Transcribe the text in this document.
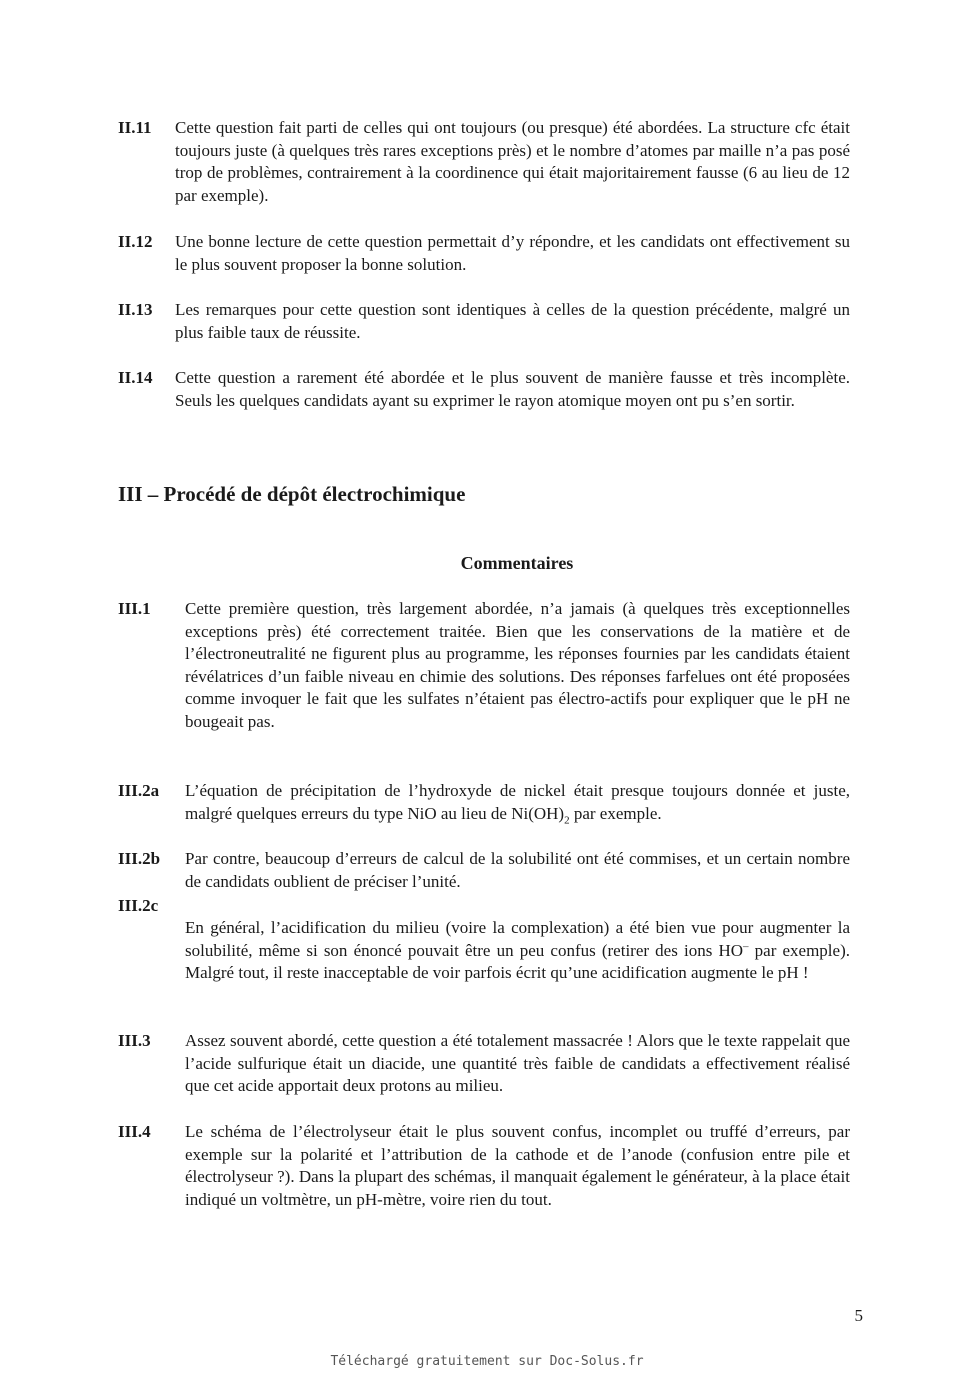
II.11 Cette question fait parti de celles qui ont toujours (ou presque) été abordées. La structure cfc était toujours juste (à quelques très rares exceptions près) et le nombre d’atomes par maille n’a pas posé trop de problèmes, contrairement à la coordinence qui était majoritairement fausse (6 au lieu de 12 par exemple).
II.12 Une bonne lecture de cette question permettait d’y répondre, et les candidats ont effectivement su le plus souvent proposer la bonne solution.
II.13 Les remarques pour cette question sont identiques à celles de la question précédente, malgré un plus faible taux de réussite.
II.14 Cette question a rarement été abordée et le plus souvent de manière fausse et très incomplète. Seuls les quelques candidats ayant su exprimer le rayon atomique moyen ont pu s’en sortir.
III – Procédé de dépôt électrochimique
Commentaires
III.1 Cette première question, très largement abordée, n’a jamais (à quelques très exceptionnelles exceptions près) été correctement traitée. Bien que les conservations de la matière et de l’électroneutralité ne figurent plus au programme, les réponses fournies par les candidats étaient révélatrices d’un faible niveau en chimie des solutions. Des réponses farfelues ont été proposées comme invoquer le fait que les sulfates n’étaient pas électro-actifs pour expliquer que le pH ne bougeait pas.
III.2a L’équation de précipitation de l’hydroxyde de nickel était presque toujours donnée et juste, malgré quelques erreurs du type NiO au lieu de $Ni(OH)_2$ par exemple.
III.2b Par contre, beaucoup d’erreurs de calcul de la solubilité ont été commises, et un certain nombre de candidats oublient de préciser l’unité.
III.2c
En général, l’acidification du milieu (voire la complexation) a été bien vue pour augmenter la solubilité, même si son énoncé pouvait être un peu confus (retirer des ions HO– par exemple). Malgré tout, il reste inacceptable de voir parfois écrit qu’une acidification augmente le pH !
III.3 Assez souvent abordé, cette question a été totalement massacrée ! Alors que le texte rappelait que l’acide sulfurique était un diacide, une quantité très faible de candidats a effectivement réalisé que cet acide apportait deux protons au milieu.
III.4 Le schéma de l’électrolyseur était le plus souvent confus, incomplet ou truffé d’erreurs, par exemple sur la polarité et l’attribution de la cathode et de l’anode (confusion entre pile et électrolyseur ?). Dans la plupart des schémas, il manquait également le générateur, à la place était indiqué un voltmètre, un pH-mètre, voire rien du tout.
5
Téléchargé gratuitement sur Doc-Solus.fr
